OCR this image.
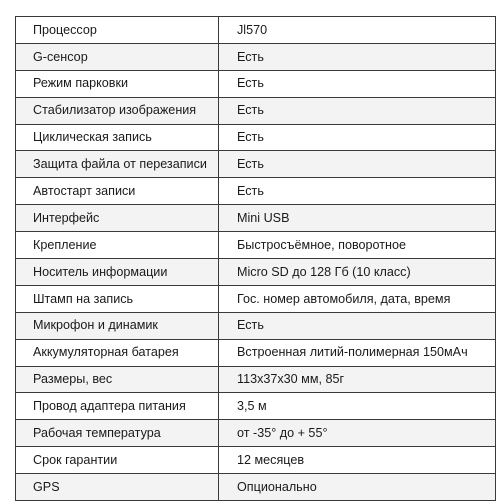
Процессор	Jl570
G-сенсор	Есть
Режим парковки	Есть
Стабилизатор изображения	Есть
Циклическая запись	Есть
Защита файла от перезаписи	Есть
Автостарт записи	Есть
Интерфейс	Mini USB
Крепление	Быстросъёмное, поворотное
Носитель информации	Micro SD до 128 Гб (10 класс)
Штамп на запись	Гос. номер автомобиля, дата, время
Микрофон и динамик	Есть
Аккумуляторная батарея	Встроенная литий-полимерная 150мАч
Размеры, вес	113x37x30 мм, 85г
Провод адаптера питания	3,5 м
Рабочая температура	от -35° до + 55°
Срок гарантии	12 месяцев
GPS	Опционально
